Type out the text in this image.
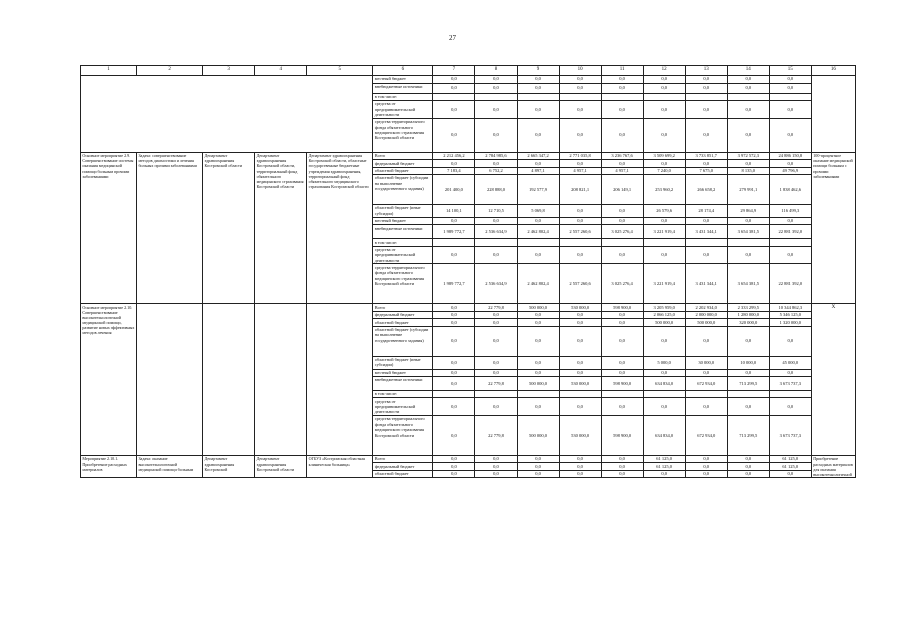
27
1	2	3	4	5	6	7	8	9	10	11	12	13	14	15	16
					местный бюджет	0,0	0,0	0,0	0,0	0,0	0,0	0,0	0,0	0,0	
					внебюджетные источники	0,0	0,0	0,0	0,0	0,0	0,0	0,0	0,0	0,0	
					в том числе:										
					средства от предпринимательской деятельности	0,0	0,0	0,0	0,0	0,0	0,0	0,0	0,0	0,0	
					средства территориального фонда обязательного медицинского страхования Костромской области	0,0	0,0	0,0	0,0	0,0	0,0	0,0	0,0	0,0	
Основное мероприятие 2.9. Совершенствование системы оказания медицинской помощи больным прочими заболеваниями	Задача: совершенствование методов диагностики и лечения больных прочими заболеваниями	Департамент здравоохранения Костромской области	Департамент здравоохранения Костромской области, территориальный фонд обязательного медицинского страхования Костромской области	Департамент здравоохранения Костромской области, областные государственные бюджетные учреждения здравоохранения, территориальный фонд обязательного медицинского страхования Костромской области	Всего	2 212 456,2	2 784 985,6	2 665 347,2	2 771 035,8	3 236 767,6	3 509 699,2	3 733 851,7	3 972 572,3	24 886 150,8	100-процентное оказание медицинской помощи больным с прочими заболеваниями
					федеральный бюджет	0,0	0,0	0,0	0,0	0,0	0,0	0,0	0,0	0,0	
					областной бюджет	7 183,4	6 752,2	4 897,1	4 957,1	4 957,1	7 240,0	7 675,0	8 135,0	49 796,9	
					областной бюджет (субсидии на выполнение государственного задания)	201 400,0	228 888,0	192 577,9	208 821,1	206 149,1	253 960,2	266 658,2	279 991,1	1 838 462,6	
					областной бюджет (иные субсидии)	14 100,1	12 710,5	5 069,8	0,0	0,0	26 579,6	28 174,4	29 864,9	116 499,3	
					местный бюджет	0,0	0,0	0,0	0,0	0,0	0,0	0,0	0,0	0,0	
					внебюджетные источники	1 989 772,7	2 536 634,9	2 462 802,4	2 557 260,6	3 025 276,4	3 221 919,4	3 431 344,1	3 654 381,5	22 881 392,0	
					в том числе:										
					средства от предпринимательской деятельности	0,0	0,0	0,0	0,0	0,0	0,0	0,0	0,0	0,0	
					средства территориального фонда обязательного медицинского страхования Костромской области	1 989 772,7	2 536 634,9	2 462 802,4	2 557 260,6	3 025 276,4	3 221 919,4	3 431 344,1	3 654 381,5	22 881 392,0	
Основное мероприятие 2.10. Совершенствование высокотехнологичной медицинской помощи, развитие новых эффективных методов лечения					Всего	0,0	22 779,8	500 000,0	530 000,0	598 900,0	3 205 959,0	2 202 934,0	2 333 299,5	10 344 862,3	X
					федеральный бюджет	0,0	0,0	0,0	0,0	0,0	2 066 125,0	2 000 000,0	1 280 000,0	5 346 125,0	
					областной бюджет	0,0	0,0	0,0	0,0	0,0	500 000,0	500 000,0	320 000,0	1 320 000,0	
					областной бюджет (субсидии на выполнение государственного задания)	0,0	0,0	0,0	0,0	0,0	0,0	0,0	0,0	0,0	
					областной бюджет (иные субсидии)	0,0	0,0	0,0	0,0	0,0	5 000,0	30 000,0	10 000,0	45 000,0	
					местный бюджет	0,0	0,0	0,0	0,0	0,0	0,0	0,0	0,0	0,0	
					внебюджетные источники	0,0	22 779,8	500 000,0	530 000,0	598 900,0	634 834,0	672 934,0	713 299,5	3 673 737,3	
					в том числе:										
					средства от предпринимательской деятельности	0,0	0,0	0,0	0,0	0,0	0,0	0,0	0,0	0,0	
					средства территориального фонда обязательного медицинского страхования Костромской области	0,0	22 779,8	500 000,0	530 000,0	598 900,0	634 834,0	672 934,0	713 299,5	3 673 737,3	
Мероприятие 2.10.1. Приобретение расходных материалов	Задача: оказание высокотехнологичной медицинской помощи больным	Департамент здравоохранения Костромской	Департамент здравоохранения Костромской области	ОГБУЗ «Костромская областная клиническая больница»	Всего	0,0	0,0	0,0	0,0	0,0	61 125,0	0,0	0,0	61 125,0	Приобретение расходных материалов для оказания высокотехнологичной
					федеральный бюджет	0,0	0,0	0,0	0,0	0,0	61 125,0	0,0	0,0	61 125,0	
					областной бюджет	0,0	0,0	0,0	0,0	0,0	0,0	0,0	0,0	0,0	
